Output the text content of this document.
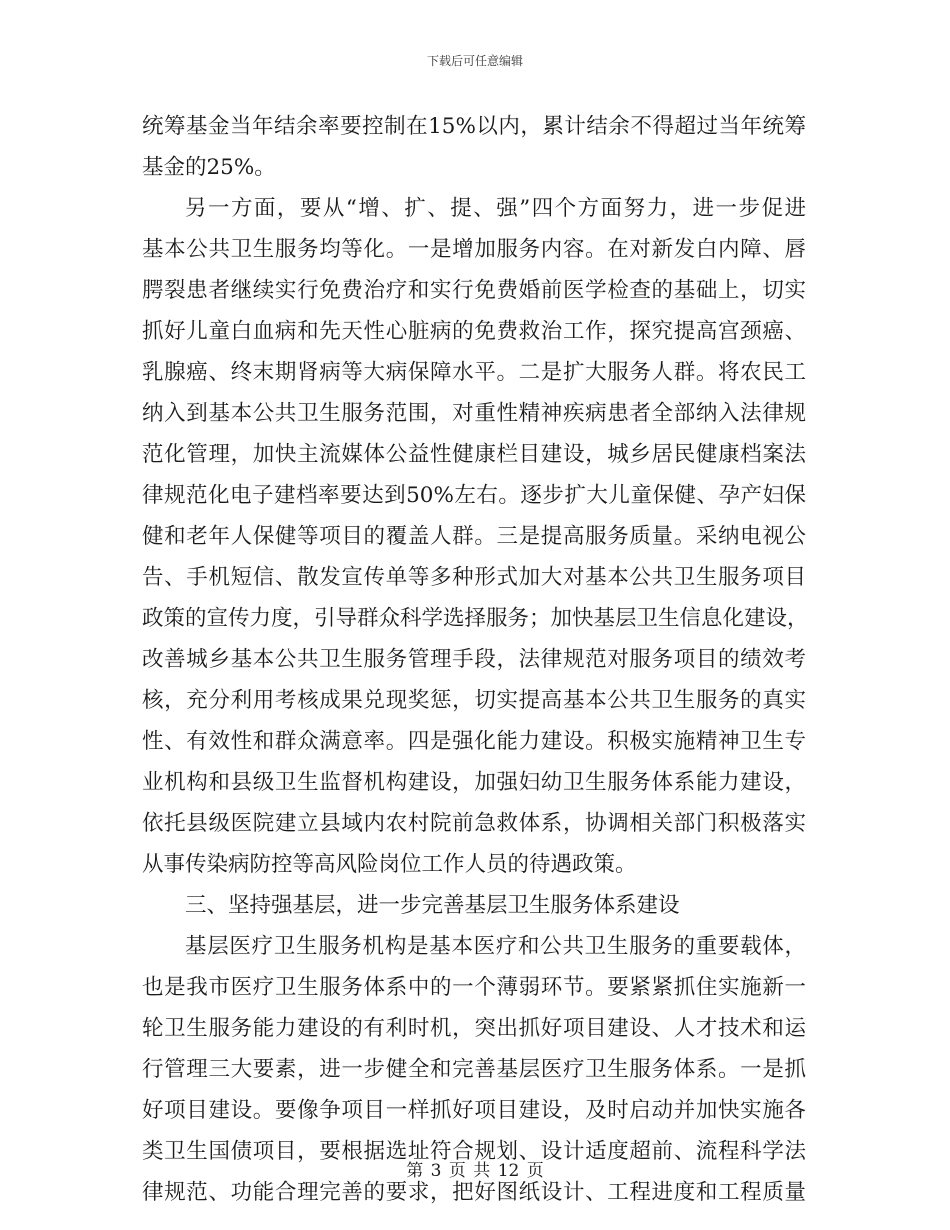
下载后可任意编辑
统筹基金当年结余率要控制在15%以内，累计结余不得超过当年统筹
基金的25%。
另一方面，要从“增、扩、提、强”四个方面努力，进一步促进
基本公共卫生服务均等化。一是增加服务内容。在对新发白内障、唇
腭裂患者继续实行免费治疗和实行免费婚前医学检查的基础上，切实
抓好儿童白血病和先天性心脏病的免费救治工作，探究提高宫颈癌、
乳腺癌、终末期肾病等大病保障水平。二是扩大服务人群。将农民工
纳入到基本公共卫生服务范围，对重性精神疾病患者全部纳入法律规
范化管理，加快主流媒体公益性健康栏目建设，城乡居民健康档案法
律规范化电子建档率要达到50%左右。逐步扩大儿童保健、孕产妇保
健和老年人保健等项目的覆盖人群。三是提高服务质量。采纳电视公
告、手机短信、散发宣传单等多种形式加大对基本公共卫生服务项目
政策的宣传力度，引导群众科学选择服务；加快基层卫生信息化建设，
改善城乡基本公共卫生服务管理手段，法律规范对服务项目的绩效考
核，充分利用考核成果兑现奖惩，切实提高基本公共卫生服务的真实
性、有效性和群众满意率。四是强化能力建设。积极实施精神卫生专
业机构和县级卫生监督机构建设，加强妇幼卫生服务体系能力建设，
依托县级医院建立县域内农村院前急救体系，协调相关部门积极落实
从事传染病防控等高风险岗位工作人员的待遇政策。
三、坚持强基层，进一步完善基层卫生服务体系建设
基层医疗卫生服务机构是基本医疗和公共卫生服务的重要载体，
也是我市医疗卫生服务体系中的一个薄弱环节。要紧紧抓住实施新一
轮卫生服务能力建设的有利时机，突出抓好项目建设、人才技术和运
行管理三大要素，进一步健全和完善基层医疗卫生服务体系。一是抓
好项目建设。要像争项目一样抓好项目建设，及时启动并加快实施各
类卫生国债项目，要根据选址符合规划、设计适度超前、流程科学法
律规范、功能合理完善的要求，把好图纸设计、工程进度和工程质量
第 3 页 共 12 页
